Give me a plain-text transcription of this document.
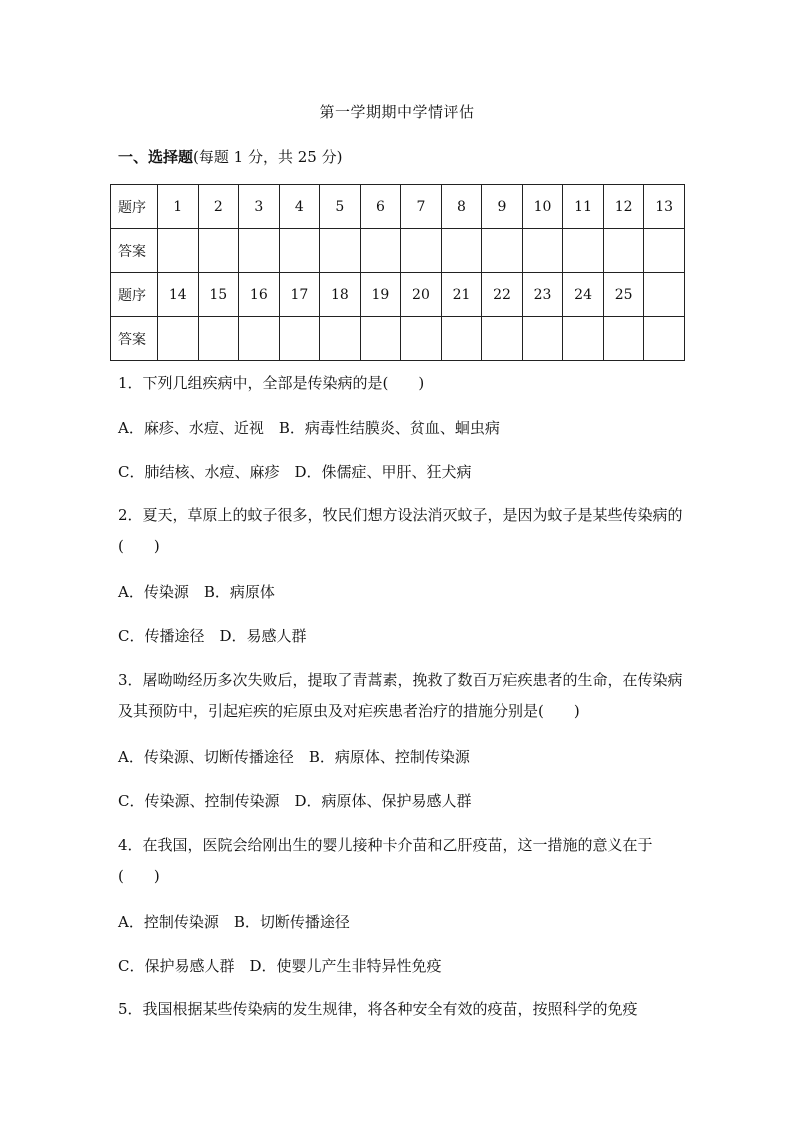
第一学期期中学情评估
一、选择题(每题 1 分，共 25 分)
题序	1	2	3	4	5	6	7	8	9	10	11	12	13
答案													
题序	14	15	16	17	18	19	20	21	22	23	24	25	
答案													
1．下列几组疾病中，全部是传染病的是(　　)
A．麻疹、水痘、近视　B．病毒性结膜炎、贫血、蛔虫病
C．肺结核、水痘、麻疹　D．侏儒症、甲肝、狂犬病
2．夏天，草原上的蚊子很多，牧民们想方设法消灭蚊子，是因为蚊子是某些传染病的(　　)
A．传染源　B．病原体
C．传播途径　D．易感人群
3．屠呦呦经历多次失败后，提取了青蒿素，挽救了数百万疟疾患者的生命，在传染病及其预防中，引起疟疾的疟原虫及对疟疾患者治疗的措施分别是(　　)
A．传染源、切断传播途径　B．病原体、控制传染源
C．传染源、控制传染源　D．病原体、保护易感人群
4．在我国，医院会给刚出生的婴儿接种卡介苗和乙肝疫苗，这一措施的意义在于(　　)
A．控制传染源　B．切断传播途径
C．保护易感人群　D．使婴儿产生非特异性免疫
5．我国根据某些传染病的发生规律，将各种安全有效的疫苗，按照科学的免疫
